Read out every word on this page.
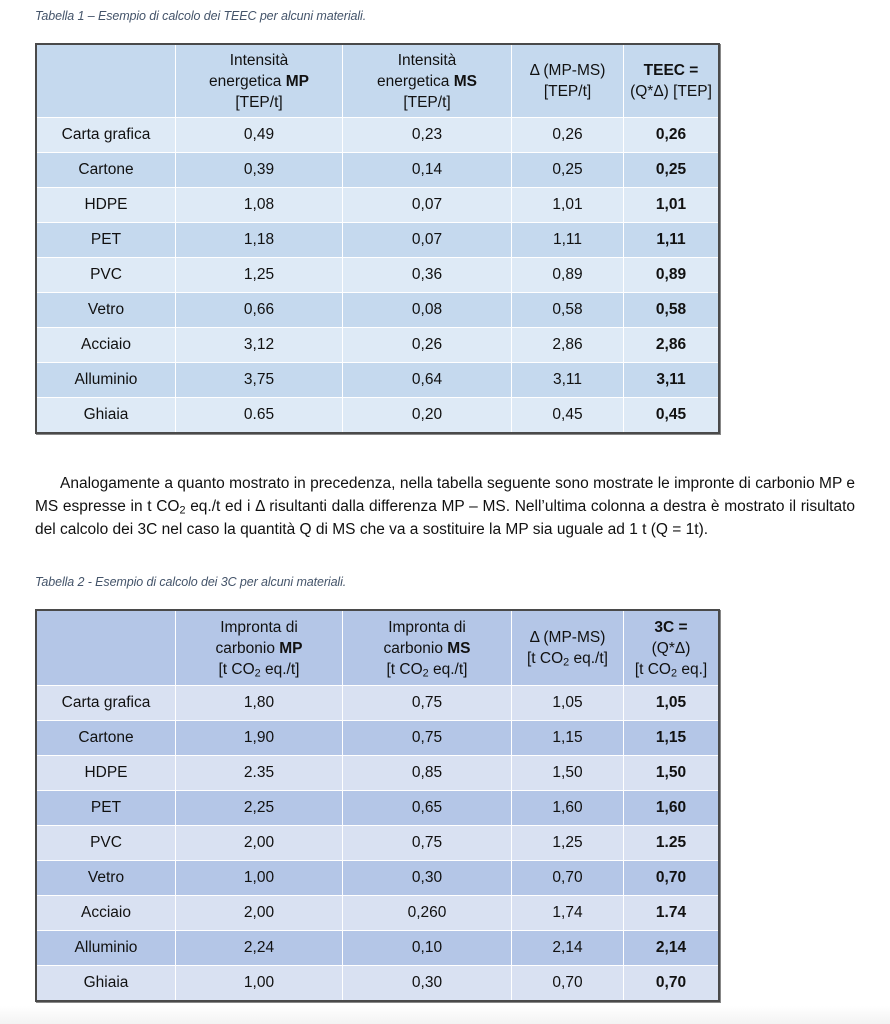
Tabella 1 – Esempio di calcolo dei TEEC per alcuni materiali.
	Intensità
energetica MP
[TEP/t]	Intensità
energetica MS
[TEP/t]	Δ (MP-MS)
[TEP/t]	TEEC =
(Q*Δ) [TEP]
Carta grafica	0,49	0,23	0,26	0,26
Cartone	0,39	0,14	0,25	0,25
HDPE	1,08	0,07	1,01	1,01
PET	1,18	0,07	1,11	1,11
PVC	1,25	0,36	0,89	0,89
Vetro	0,66	0,08	0,58	0,58
Acciaio	3,12	0,26	2,86	2,86
Alluminio	3,75	0,64	3,11	3,11
Ghiaia	0.65	0,20	0,45	0,45
Analogamente a quanto mostrato in precedenza, nella tabella seguente sono mostrate le impronte di carbonio MP e MS espresse in t $CO_2$ eq./t ed i Δ risultanti dalla differenza MP – MS. Nell’ultima colonna a destra è mostrato il risultato del calcolo dei 3C nel caso la quantità Q di MS che va a sostituire la MP sia uguale ad 1 t (Q = 1t).
Tabella 2 - Esempio di calcolo dei 3C per alcuni materiali.
	Impronta di
carbonio MP
[t $CO_2$ eq./t]	Impronta di
carbonio MS
[t $CO_2$ eq./t]	Δ (MP-MS)
[t $CO_2$ eq./t]	3C =
(Q*Δ)
[t $CO_2$ eq.]
Carta grafica	1,80	0,75	1,05	1,05
Cartone	1,90	0,75	1,15	1,15
HDPE	2.35	0,85	1,50	1,50
PET	2,25	0,65	1,60	1,60
PVC	2,00	0,75	1,25	1.25
Vetro	1,00	0,30	0,70	0,70
Acciaio	2,00	0,260	1,74	1.74
Alluminio	2,24	0,10	2,14	2,14
Ghiaia	1,00	0,30	0,70	0,70
